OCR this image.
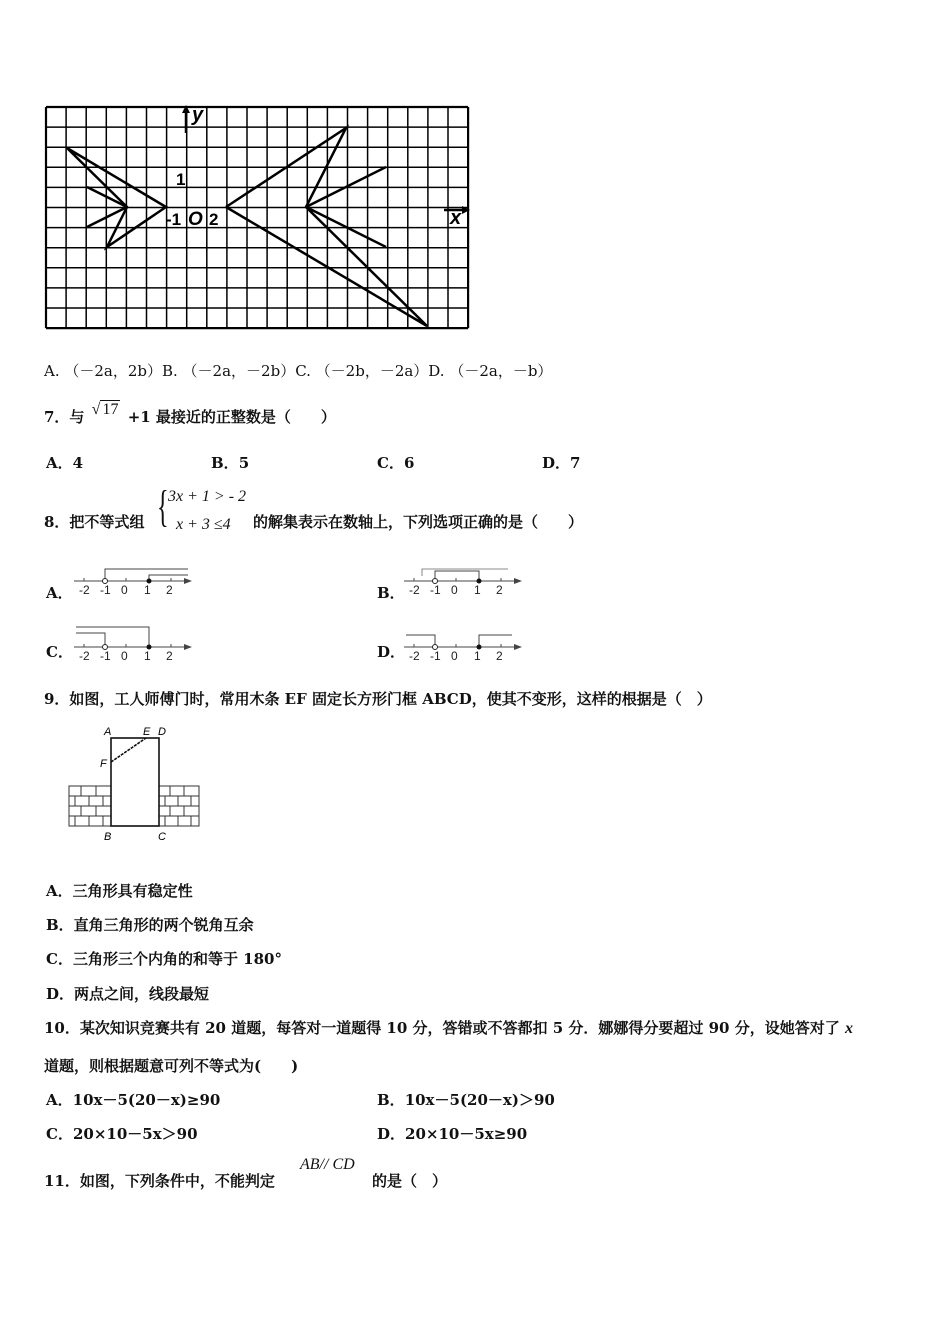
y
x
1
-1 O 2
A. （－2a，2b）B. （－2a，－2b）C. （－2b，－2a）D. （－2a，－b）
7．与 √ 17 +1 最接近的正整数是（　　）
A．4	B．5	C．6	D．7
8．把不等式组 { 3x + 1 > - 2
x + 3 ≤4 的解集表示在数轴上，下列选项正确的是（　　）
A．	B．
C．	D．
-2 -1 0 1 2	-2 -1 0 1 2
-2 -1 0 1 2	-2 -1 0 1 2
9．如图，工人师傅门时，常用木条 EF 固定长方形门框 ABCD，使其不变形，这样的根据是（　）
A	E D
F
B	C
A．三角形具有稳定性
B．直角三角形的两个锐角互余
C．三角形三个内角的和等于 180°
D．两点之间，线段最短
10．某次知识竞赛共有 20 道题，每答对一道题得 10 分，答错或不答都扣 5 分．娜娜得分要超过 90 分，设她答对了 x
道题，则根据题意可列不等式为(　　)
A．10x－5(20－x)≥90	B．10x－5(20－x)＞90
C．20×10－5x＞90	D．20×10－5x≥90
11．如图，下列条件中，不能判定
AB// CD
的是（　）
